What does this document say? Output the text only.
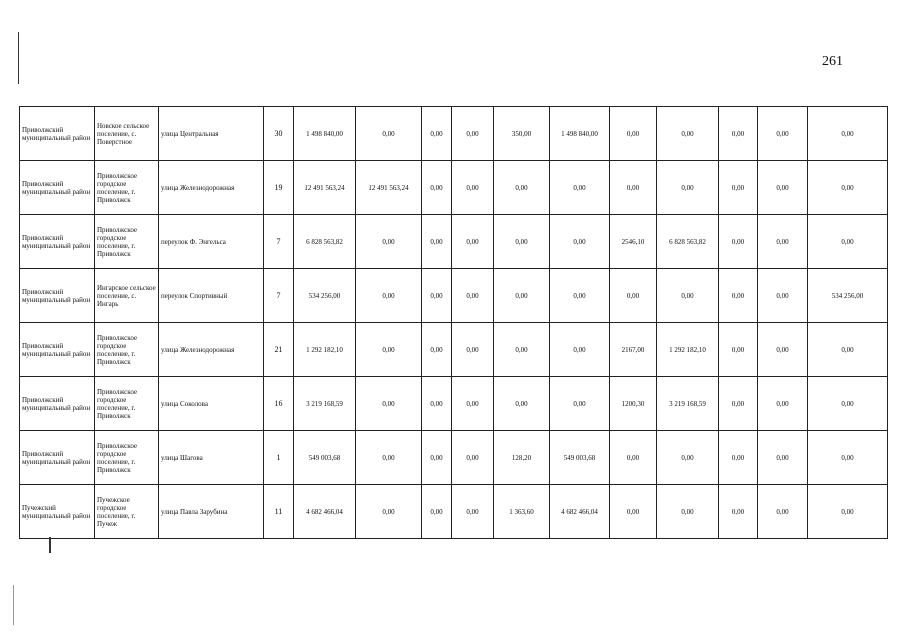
261
Приволжский муниципальный район	Новское сельское поселение, с. Поверстное	улица Центральная	30	1 498 840,00	0,00	0,00	0,00	350,00	1 498 840,00	0,00	0,00	0,00	0,00	0,00
Приволжский муниципальный район	Приволжское городское поселение, г. Приволжск	улица Железнодорожная	19	12 491 563,24	12 491 563,24	0,00	0,00	0,00	0,00	0,00	0,00	0,00	0,00	0,00
Приволжский муниципальный район	Приволжское городское поселение, г. Приволжск	переулок Ф. Энгельса	7	6 828 563,82	0,00	0,00	0,00	0,00	0,00	2546,10	6 828 563,82	0,00	0,00	0,00
Приволжский муниципальный район	Ингарское сельское поселение, с. Ингарь	переулок Спортивный	7	534 256,00	0,00	0,00	0,00	0,00	0,00	0,00	0,00	0,00	0,00	534 256,00
Приволжский муниципальный район	Приволжское городское поселение, г. Приволжск	улица Железнодорожная	21	1 292 182,10	0,00	0,00	0,00	0,00	0,00	2167,00	1 292 182,10	0,00	0,00	0,00
Приволжский муниципальный район	Приволжское городское поселение, г. Приволжск	улица Соколова	16	3 219 168,59	0,00	0,00	0,00	0,00	0,00	1200,30	3 219 168,59	0,00	0,00	0,00
Приволжский муниципальный район	Приволжское городское поселение, г. Приволжск	улица Шагова	1	549 003,68	0,00	0,00	0,00	128,20	549 003,68	0,00	0,00	0,00	0,00	0,00
Пучежский муниципальный район	Пучежское городское поселение, г. Пучеж	улица Павла Зарубина	11	4 682 466,04	0,00	0,00	0,00	1 363,60	4 682 466,04	0,00	0,00	0,00	0,00	0,00
